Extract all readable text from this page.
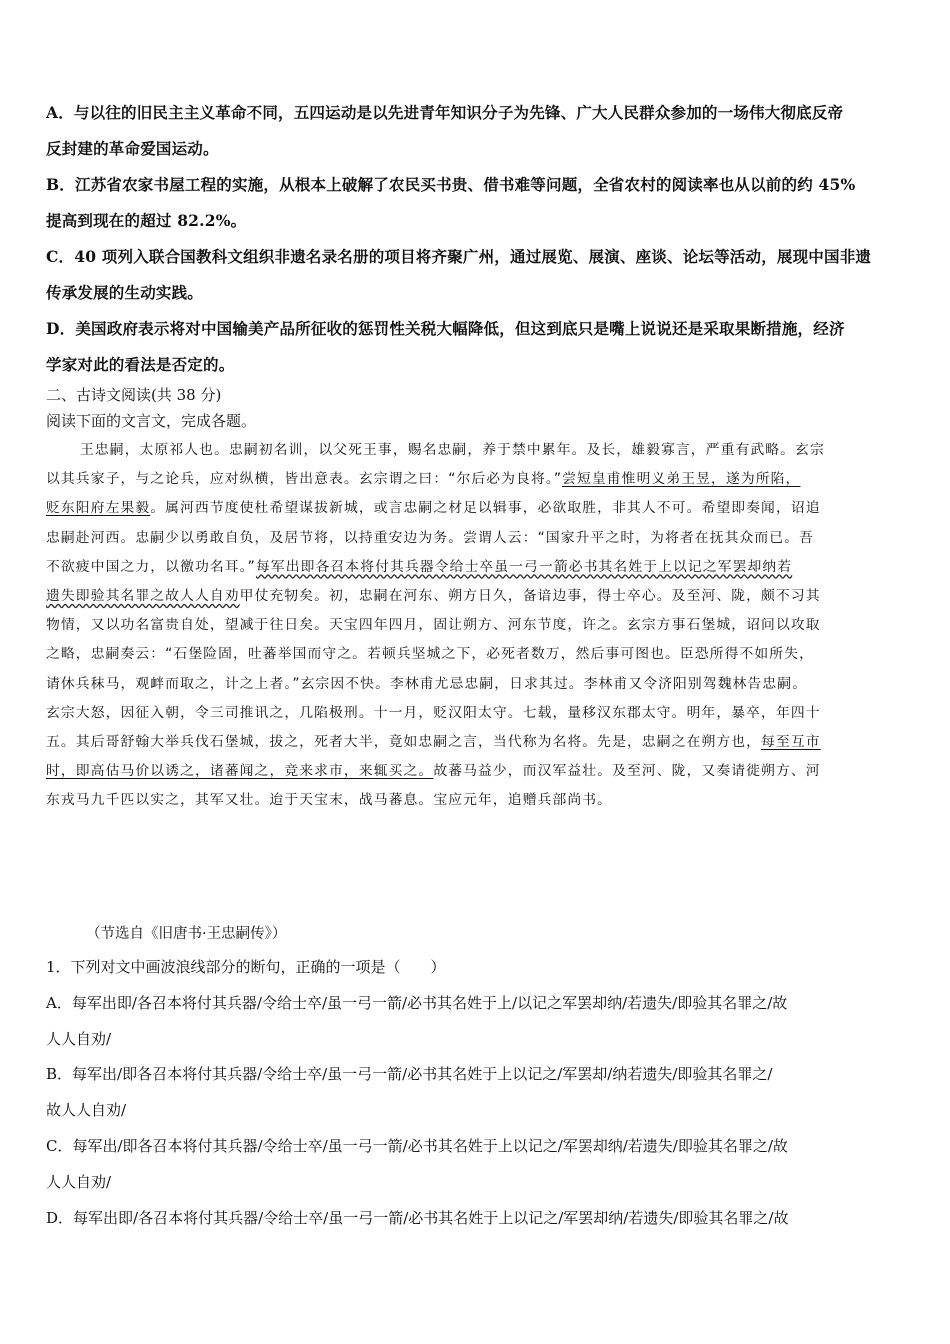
A．与以往的旧民主主义革命不同，五四运动是以先进青年知识分子为先锋、广大人民群众参加的一场伟大彻底反帝
反封建的革命爱国运动。
B．江苏省农家书屋工程的实施，从根本上破解了农民买书贵、借书难等问题，全省农村的阅读率也从以前的约 45%
提高到现在的超过 82.2%。
C．40 项列入联合国教科文组织非遗名录名册的项目将齐聚广州，通过展览、展演、座谈、论坛等活动，展现中国非遗
传承发展的生动实践。
D．美国政府表示将对中国输美产品所征收的惩罚性关税大幅降低，但这到底只是嘴上说说还是采取果断措施，经济
学家对此的看法是否定的。
二、古诗文阅读(共 38 分)
阅读下面的文言文，完成各题。
王忠嗣，太原祁人也。忠嗣初名训，以父死王事，赐名忠嗣，养于禁中累年。及长，雄毅寡言，严重有武略。玄宗
以其兵家子，与之论兵，应对纵横，皆出意表。玄宗谓之曰：“尔后必为良将。”尝短皇甫惟明义弟王昱，遂为所陷，
贬东阳府左果毅。属河西节度使杜希望谋拔新城，或言忠嗣之材足以辑事，必欲取胜，非其人不可。希望即奏闻，诏追
忠嗣赴河西。忠嗣少以勇敢自负，及居节将，以持重安边为务。尝谓人云：“国家升平之时，为将者在抚其众而已。吾
不欲疲中国之力，以徼功名耳。”每军出即各召本将付其兵器令给士卒虽一弓一箭必书其名姓于上以记之军罢却纳若
遗失即验其名罪之故人人自劝甲仗充牣矣。初，忠嗣在河东、朔方日久，备谙边事，得士卒心。及至河、陇，颇不习其
物情，又以功名富贵自处，望减于往日矣。天宝四年四月，固让朔方、河东节度，许之。玄宗方事石堡城，诏问以攻取
之略，忠嗣奏云：“石堡险固，吐蕃举国而守之。若顿兵坚城之下，必死者数万，然后事可图也。臣恐所得不如所失，
请休兵秣马，观衅而取之，计之上者。”玄宗因不快。李林甫尤忌忠嗣，日求其过。李林甫又令济阳别驾魏林告忠嗣。
玄宗大怒，因征入朝，令三司推讯之，几陷极刑。十一月，贬汉阳太守。七载，量移汉东郡太守。明年，暴卒，年四十
五。其后哥舒翰大举兵伐石堡城，拔之，死者大半，竟如忠嗣之言，当代称为名将。先是，忠嗣之在朔方也，每至互市
时，即高估马价以诱之，诸蕃闻之，竞来求市，来辄买之。故蕃马益少，而汉军益壮。及至河、陇，又奏请徙朔方、河
东戎马九千匹以实之，其军又壮。迨于天宝末，战马蕃息。宝应元年，追赠兵部尚书。
（节选自《旧唐书·王忠嗣传》）
1．下列对文中画波浪线部分的断句，正确的一项是（　　）
A．每军出即/各召本将付其兵器/令给士卒/虽一弓一箭/必书其名姓于上/以记之军罢却纳/若遗失/即验其名罪之/故
人人自劝/
B．每军出/即各召本将付其兵器/令给士卒/虽一弓一箭/必书其名姓于上以记之/军罢却/纳若遗失/即验其名罪之/
故人人自劝/
C．每军出/即各召本将付其兵器/令给士卒/虽一弓一箭/必书其名姓于上以记之/军罢却纳/若遗失/即验其名罪之/故
人人自劝/
D．每军出即/各召本将付其兵器/令给士卒/虽一弓一箭/必书其名姓于上以记之/军罢却纳/若遗失/即验其名罪之/故
